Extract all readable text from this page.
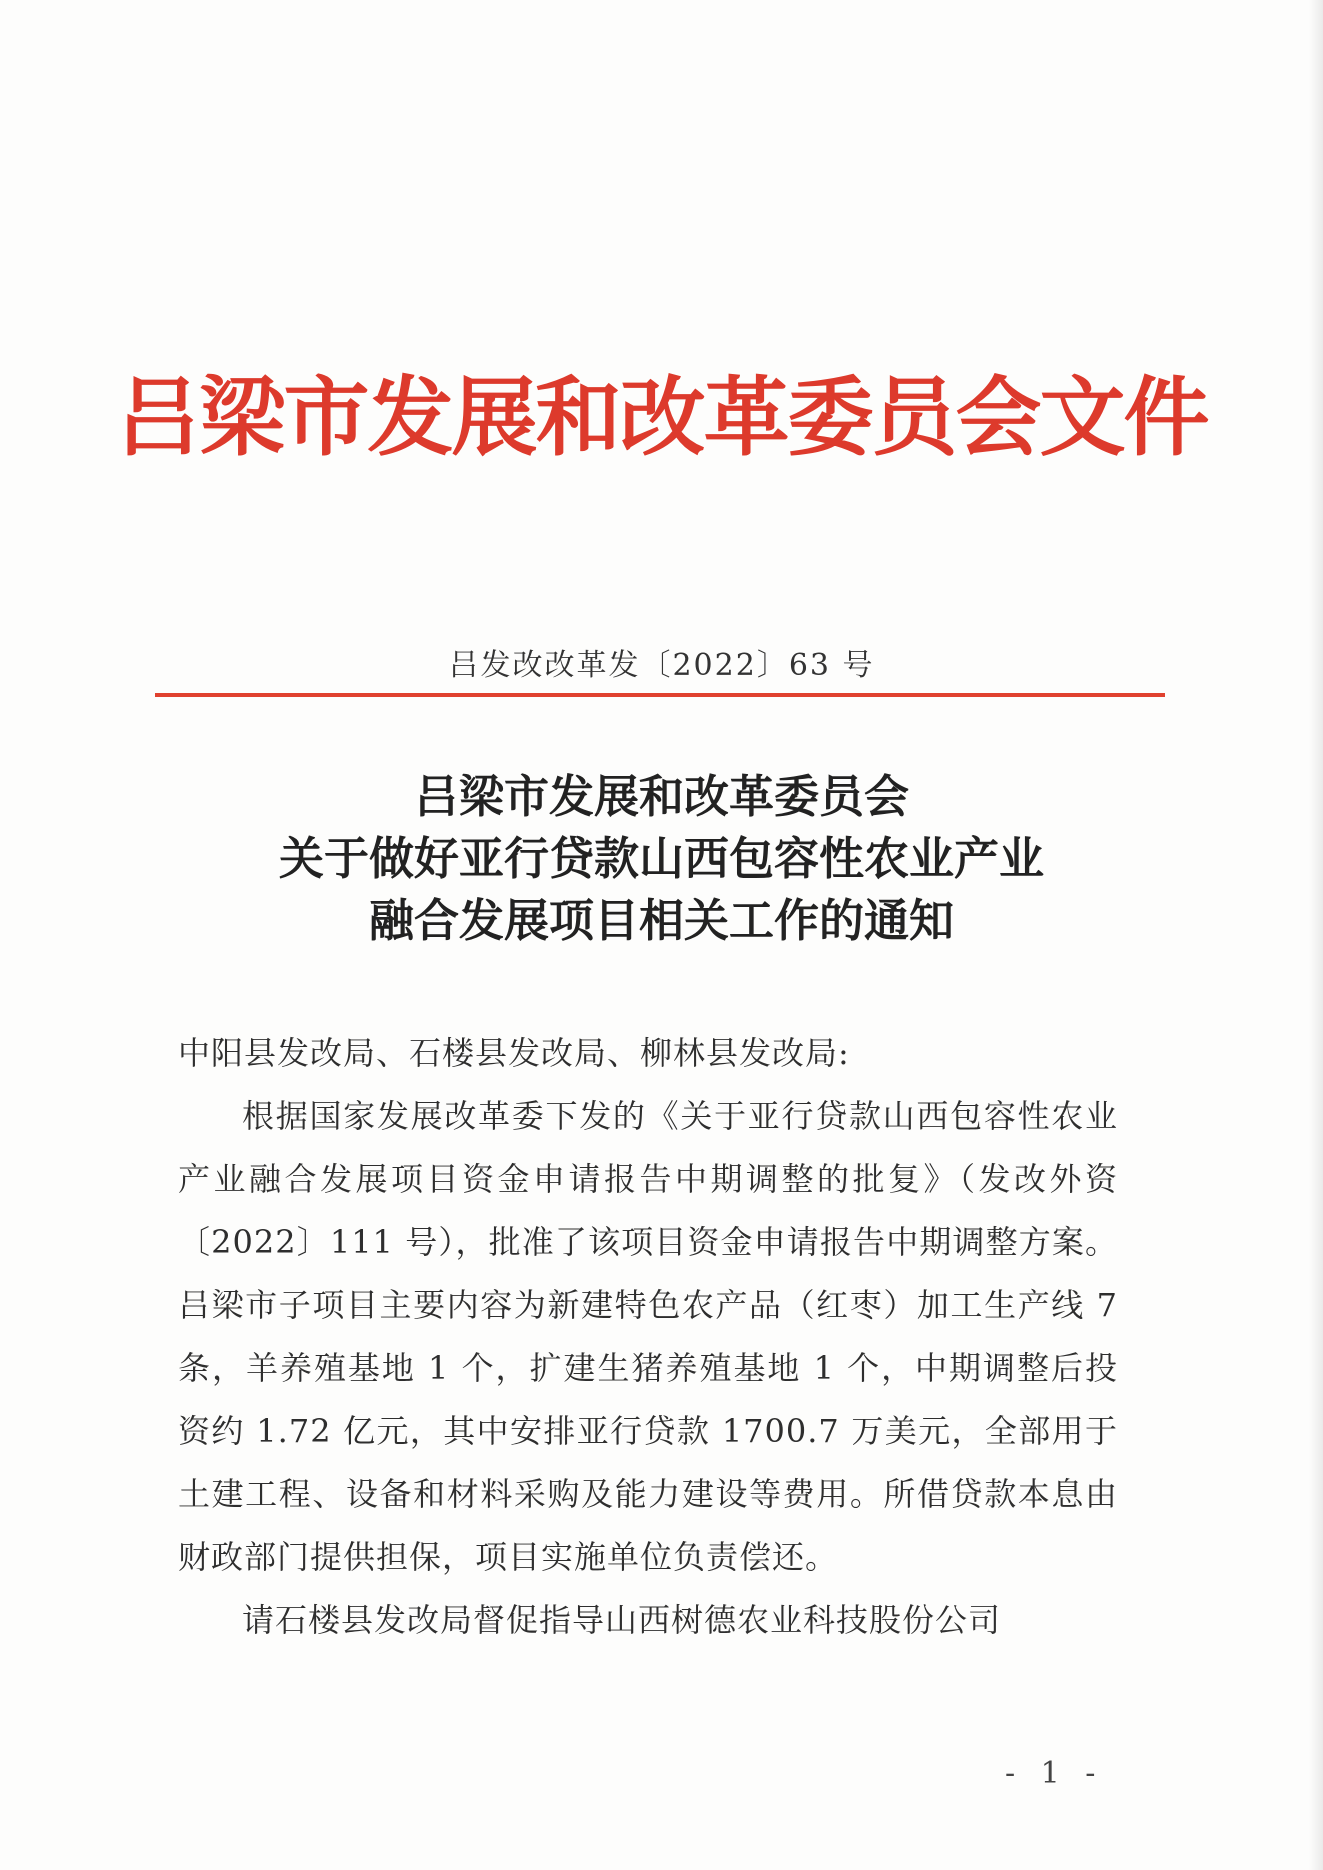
吕梁市发展和改革委员会文件
吕发改改革发〔2022〕63 号
吕梁市发展和改革委员会
关于做好亚行贷款山西包容性农业产业
融合发展项目相关工作的通知

中阳县发改局、石楼县发改局、柳林县发改局:

根据国家发展改革委下发的《关于亚行贷款山西包容性农业产业融合发展项目资金申请报告中期调整的批复》（发改外资〔2022〕111 号），批准了该项目资金申请报告中期调整方案。吕梁市子项目主要内容为新建特色农产品（红枣）加工生产线 7 条，羊养殖基地 1 个，扩建生猪养殖基地 1 个，中期调整后投资约 1.72 亿元，其中安排亚行贷款 1700.7 万美元，全部用于土建工程、设备和材料采购及能力建设等费用。所借贷款本息由财政部门提供担保，项目实施单位负责偿还。

请石楼县发改局督促指导山西树德农业科技股份公司

- 1 -
